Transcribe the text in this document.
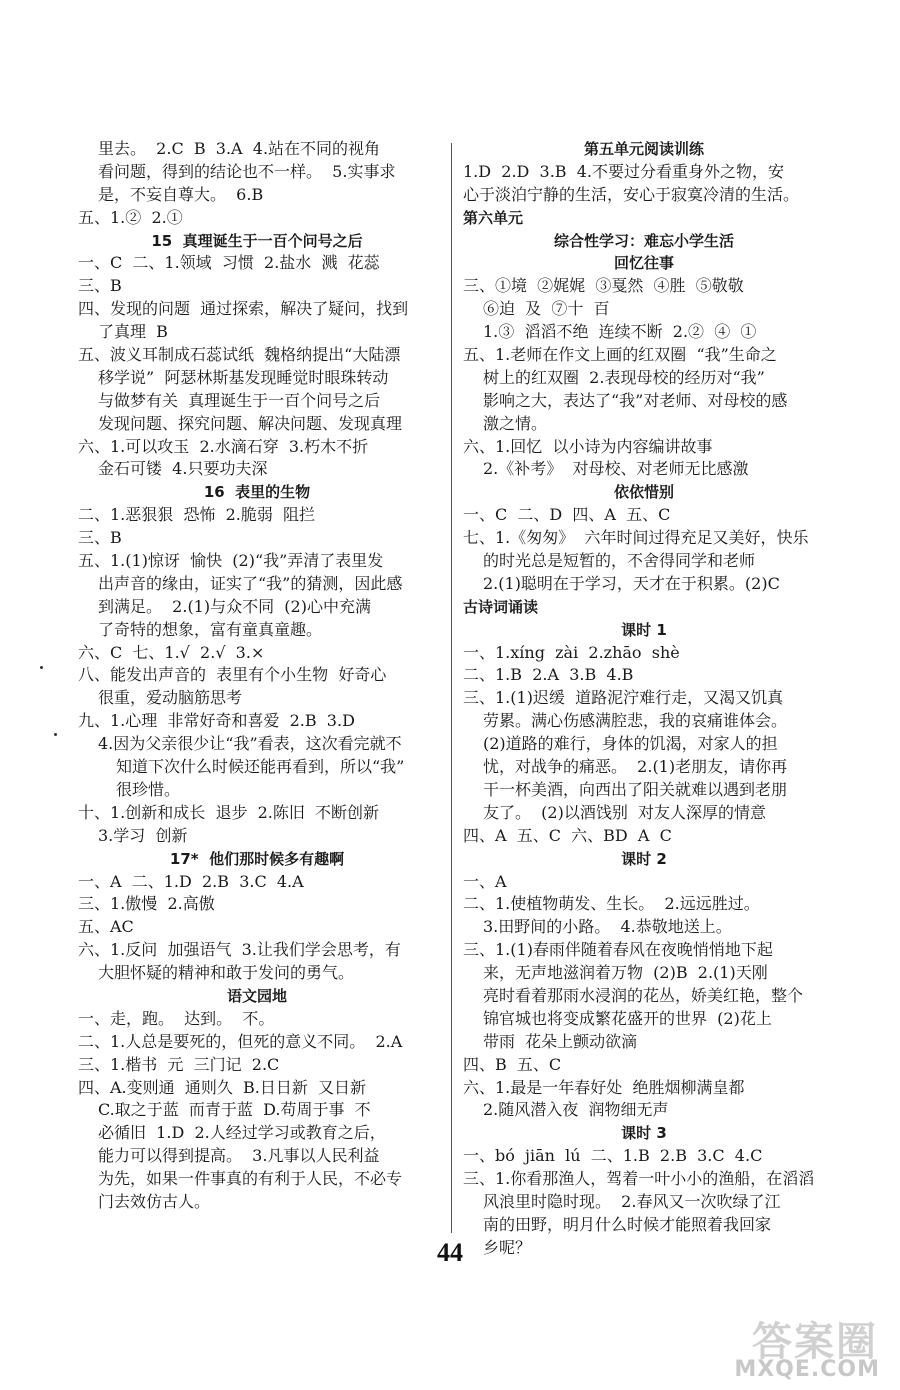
里去。  2.C  B  3.A  4.站在不同的视角
看问题，得到的结论也不一样。  5.实事求
是，不妄自尊大。  6.B
五、1.②  2.①
15  真理诞生于一百个问号之后
一、C  二、1.领域  习惯  2.盐水  溅  花蕊
三、B
四、发现的问题  通过探索，解决了疑问，找到
了真理  B
五、波义耳制成石蕊试纸  魏格纳提出“大陆漂
移学说”  阿瑟林斯基发现睡觉时眼珠转动
与做梦有关  真理诞生于一百个问号之后
发现问题、探究问题、解决问题、发现真理
六、1.可以攻玉  2.水滴石穿  3.朽木不折
金石可镂  4.只要功夫深
16  表里的生物
二、1.恶狠狠  恐怖  2.脆弱  阻拦
三、B
五、1.(1)惊讶  愉快  (2)“我”弄清了表里发
出声音的缘由，证实了“我”的猜测，因此感
到满足。  2.(1)与众不同  (2)心中充满
了奇特的想象，富有童真童趣。
六、C  七、1.√  2.√  3.×
八、能发出声音的  表里有个小生物  好奇心
很重，爱动脑筋思考
九、1.心理  非常好奇和喜爱  2.B  3.D
4.因为父亲很少让“我”看表，这次看完就不
知道下次什么时候还能再看到，所以“我”
很珍惜。
十、1.创新和成长  退步  2.陈旧  不断创新
3.学习  创新
17*  他们那时候多有趣啊
一、A  二、1.D  2.B  3.C  4.A
三、1.傲慢  2.高傲
五、AC
六、1.反问  加强语气  3.让我们学会思考，有
大胆怀疑的精神和敢于发问的勇气。
语文园地
一、走，跑。  达到。  不。
二、1.人总是要死的，但死的意义不同。  2.A
三、1.楷书  元  三门记  2.C
四、A.变则通  通则久  B.日日新  又日新
C.取之于蓝  而青于蓝  D.苟周于事  不
必循旧  1.D  2.人经过学习或教育之后，
能力可以得到提高。  3.凡事以人民利益
为先，如果一件事真的有利于人民，不必专
门去效仿古人。
第五单元阅读训练
1.D  2.D  3.B  4.不要过分看重身外之物，安
心于淡泊宁静的生活，安心于寂寞冷清的生活。
第六单元
综合性学习：难忘小学生活
回忆往事
三、①境  ②娓娓  ③戛然  ④胜  ⑤敬敬
⑥迫  及  ⑦十  百
1.③  滔滔不绝  连续不断  2.②  ④  ①
五、1.老师在作文上画的红双圈  “我”生命之
树上的红双圈  2.表现母校的经历对“我”
影响之大，表达了“我”对老师、对母校的感
激之情。
六、1.回忆  以小诗为内容编讲故事
2.《补考》  对母校、对老师无比感激
依依惜别
一、C  二、D  四、A  五、C
七、1.《匆匆》  六年时间过得充足又美好，快乐
的时光总是短暂的，不舍得同学和老师
2.(1)聪明在于学习，天才在于积累。(2)C
古诗词诵读
课时 1
一、1.xíng  zài  2.zhāo  shè
二、1.B  2.A  3.B  4.B
三、1.(1)迟缓  道路泥泞难行走，又渴又饥真
劳累。满心伤感满腔悲，我的哀痛谁体会。
(2)道路的难行，身体的饥渴，对家人的担
忧，对战争的痛恶。  2.(1)老朋友，请你再
干一杯美酒，向西出了阳关就难以遇到老朋
友了。  (2)以酒饯别  对友人深厚的情意
四、A  五、C  六、BD  A  C
课时 2
一、A
二、1.使植物萌发、生长。  2.远远胜过。
3.田野间的小路。  4.恭敬地送上。
三、1.(1)春雨伴随着春风在夜晚悄悄地下起
来，无声地滋润着万物  (2)B  2.(1)天刚
亮时看着那雨水浸润的花丛，娇美红艳，整个
锦官城也将变成繁花盛开的世界  (2)花上
带雨  花朵上颤动欲滴
四、B  五、C
六、1.最是一年春好处  绝胜烟柳满皇都
2.随风潜入夜  润物细无声
课时 3
一、bó  jiān  lú  二、1.B  2.B  3.C  4.C
三、1.你看那渔人，驾着一叶小小的渔船，在滔滔
风浪里时隐时现。  2.春风又一次吹绿了江
南的田野，明月什么时候才能照着我回家
乡呢？
44
答案圈
MXQE.COM
